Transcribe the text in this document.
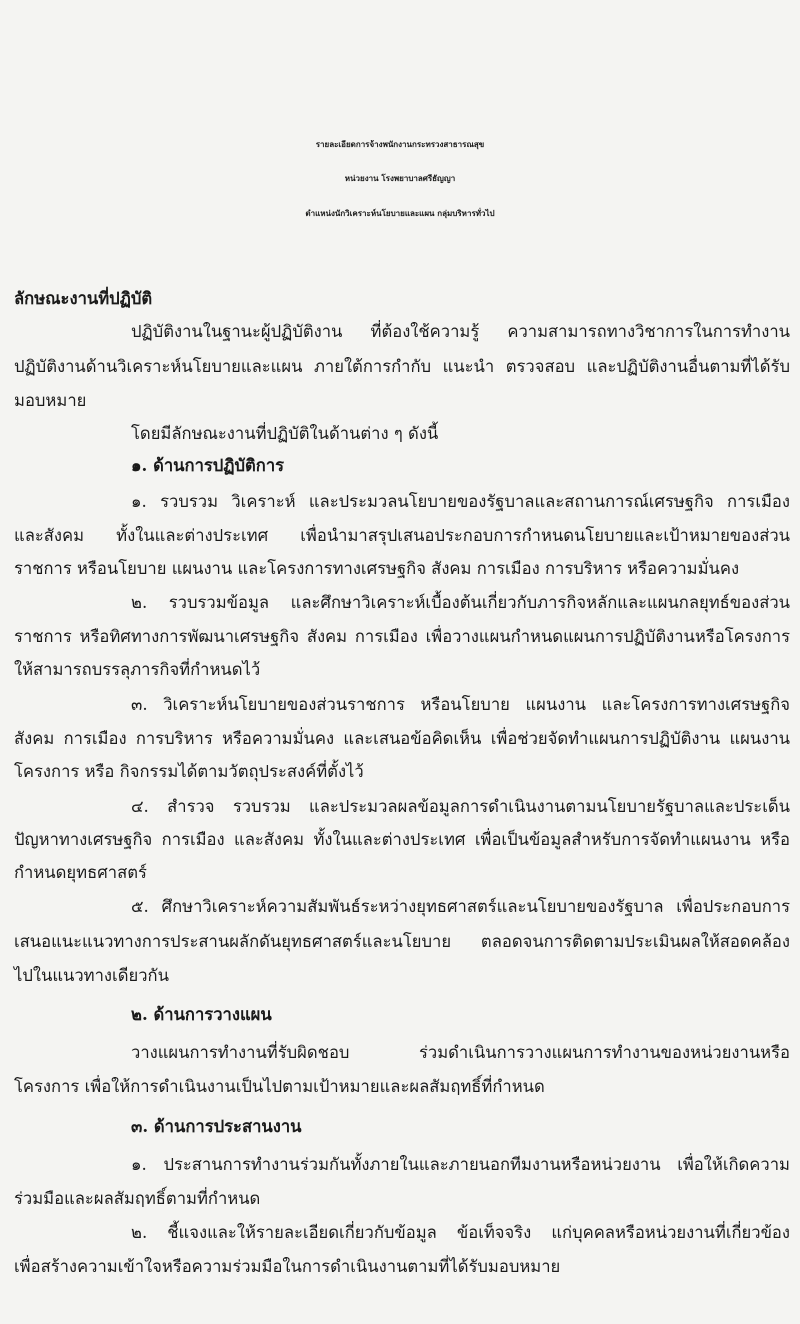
รายละเอียดการจ้างพนักงานกระทรวงสาธารณสุข
หน่วยงาน โรงพยาบาลศรีธัญญา
ตำแหน่งนักวิเคราะห์นโยบายและแผน กลุ่มบริหารทั่วไป
ลักษณะงานที่ปฏิบัติ
ปฏิบัติงานในฐานะผู้ปฏิบัติงาน ที่ต้องใช้ความรู้ ความสามารถทางวิชาการในการทำงาน
ปฏิบัติงานด้านวิเคราะห์นโยบายและแผน ภายใต้การกำกับ แนะนำ ตรวจสอบ และปฏิบัติงานอื่นตามที่ได้รับ
มอบหมาย
โดยมีลักษณะงานที่ปฏิบัติในด้านต่าง ๆ ดังนี้
๑. ด้านการปฏิบัติการ
๑. รวบรวม วิเคราะห์ และประมวลนโยบายของรัฐบาลและสถานการณ์เศรษฐกิจ การเมือง
และสังคม ทั้งในและต่างประเทศ เพื่อนำมาสรุปเสนอประกอบการกำหนดนโยบายและเป้าหมายของส่วน
ราชการ หรือนโยบาย แผนงาน และโครงการทางเศรษฐกิจ สังคม การเมือง การบริหาร หรือความมั่นคง
๒. รวบรวมข้อมูล และศึกษาวิเคราะห์เบื้องต้นเกี่ยวกับภารกิจหลักและแผนกลยุทธ์ของส่วน
ราชการ หรือทิศทางการพัฒนาเศรษฐกิจ สังคม การเมือง เพื่อวางแผนกำหนดแผนการปฏิบัติงานหรือโครงการ
ให้สามารถบรรลุภารกิจที่กำหนดไว้
๓. วิเคราะห์นโยบายของส่วนราชการ หรือนโยบาย แผนงาน และโครงการทางเศรษฐกิจ
สังคม การเมือง การบริหาร หรือความมั่นคง และเสนอข้อคิดเห็น เพื่อช่วยจัดทำแผนการปฏิบัติงาน แผนงาน
โครงการ หรือ กิจกรรมได้ตามวัตถุประสงค์ที่ตั้งไว้
๔. สำรวจ รวบรวม และประมวลผลข้อมูลการดำเนินงานตามนโยบายรัฐบาลและประเด็น
ปัญหาทางเศรษฐกิจ การเมือง และสังคม ทั้งในและต่างประเทศ เพื่อเป็นข้อมูลสำหรับการจัดทำแผนงาน หรือ
กำหนดยุทธศาสตร์
๕. ศึกษาวิเคราะห์ความสัมพันธ์ระหว่างยุทธศาสตร์และนโยบายของรัฐบาล เพื่อประกอบการ
เสนอแนะแนวทางการประสานผลักดันยุทธศาสตร์และนโยบาย ตลอดจนการติดตามประเมินผลให้สอดคล้อง
ไปในแนวทางเดียวกัน
๒. ด้านการวางแผน
วางแผนการทำงานที่รับผิดชอบ ร่วมดำเนินการวางแผนการทำงานของหน่วยงานหรือ
โครงการ เพื่อให้การดำเนินงานเป็นไปตามเป้าหมายและผลสัมฤทธิ์ที่กำหนด
๓. ด้านการประสานงาน
๑. ประสานการทำงานร่วมกันทั้งภายในและภายนอกทีมงานหรือหน่วยงาน เพื่อให้เกิดความ
ร่วมมือและผลสัมฤทธิ์ตามที่กำหนด
๒. ชี้แจงและให้รายละเอียดเกี่ยวกับข้อมูล ข้อเท็จจริง แก่บุคคลหรือหน่วยงานที่เกี่ยวข้อง
เพื่อสร้างความเข้าใจหรือความร่วมมือในการดำเนินงานตามที่ได้รับมอบหมาย
